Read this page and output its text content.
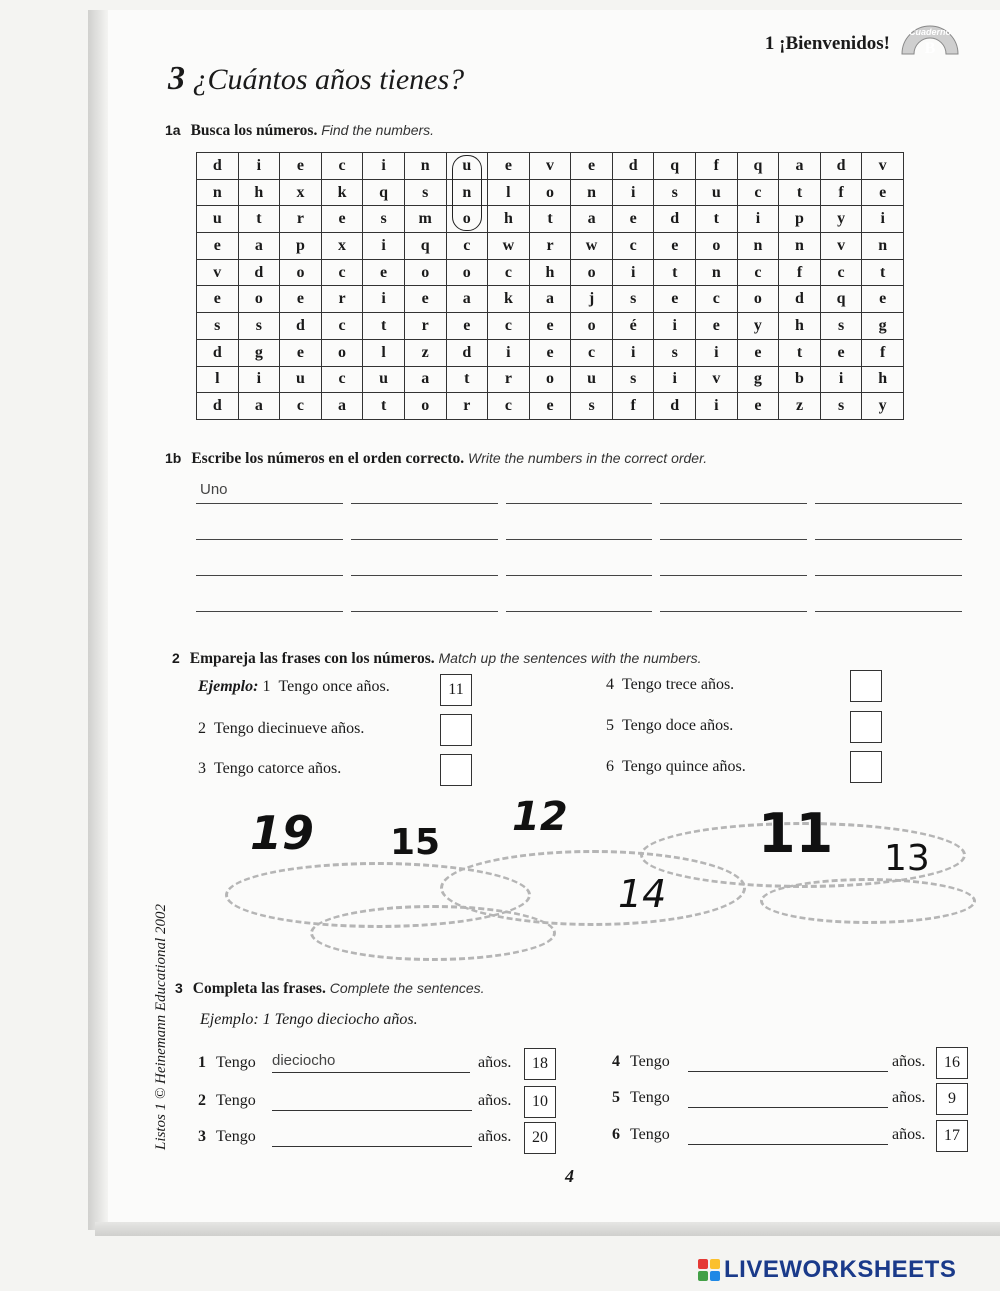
1 ¡Bienvenidos!
Cuaderno
B
3 ¿Cuántos años tienes?
1a Busca los números. Find the numbers.
d	i	e	c	i	n	u	e	v	e	d	q	f	q	a	d	v
n	h	x	k	q	s	n	l	o	n	i	s	u	c	t	f	e
u	t	r	e	s	m	o	h	t	a	e	d	t	i	p	y	i
e	a	p	x	i	q	c	w	r	w	c	e	o	n	n	v	n
v	d	o	c	e	o	o	c	h	o	i	t	n	c	f	c	t
e	o	e	r	i	e	a	k	a	j	s	e	c	o	d	q	e
s	s	d	c	t	r	e	c	e	o	é	i	e	y	h	s	g
d	g	e	o	l	z	d	i	e	c	i	s	i	e	t	e	f
l	i	u	c	u	a	t	r	o	u	s	i	v	g	b	i	h
d	a	c	a	t	o	r	c	e	s	f	d	i	e	z	s	y
1b Escribe los números en el orden correcto. Write the numbers in the correct order.
Uno
2 Empareja las frases con los números. Match up the sentences with the numbers.
Ejemplo: 1 Tengo once años.	11
2 Tengo diecinueve años.
3 Tengo catorce años.
4 Tengo trece años.
5 Tengo doce años.
6 Tengo quince años.
19 15
12	11 13
14
3 Completa las frases. Complete the sentences.
Ejemplo: 1 Tengo dieciocho años.
1 Tengo dieciocho	años.	18
2 Tengo	años.	10
3 Tengo	años.	20
4 Tengo	años.	16
5 Tengo	años.	9
6 Tengo	años.	17
Listos 1 © Heinemann Educational 2002
4
LIVEWORKSHEETS
